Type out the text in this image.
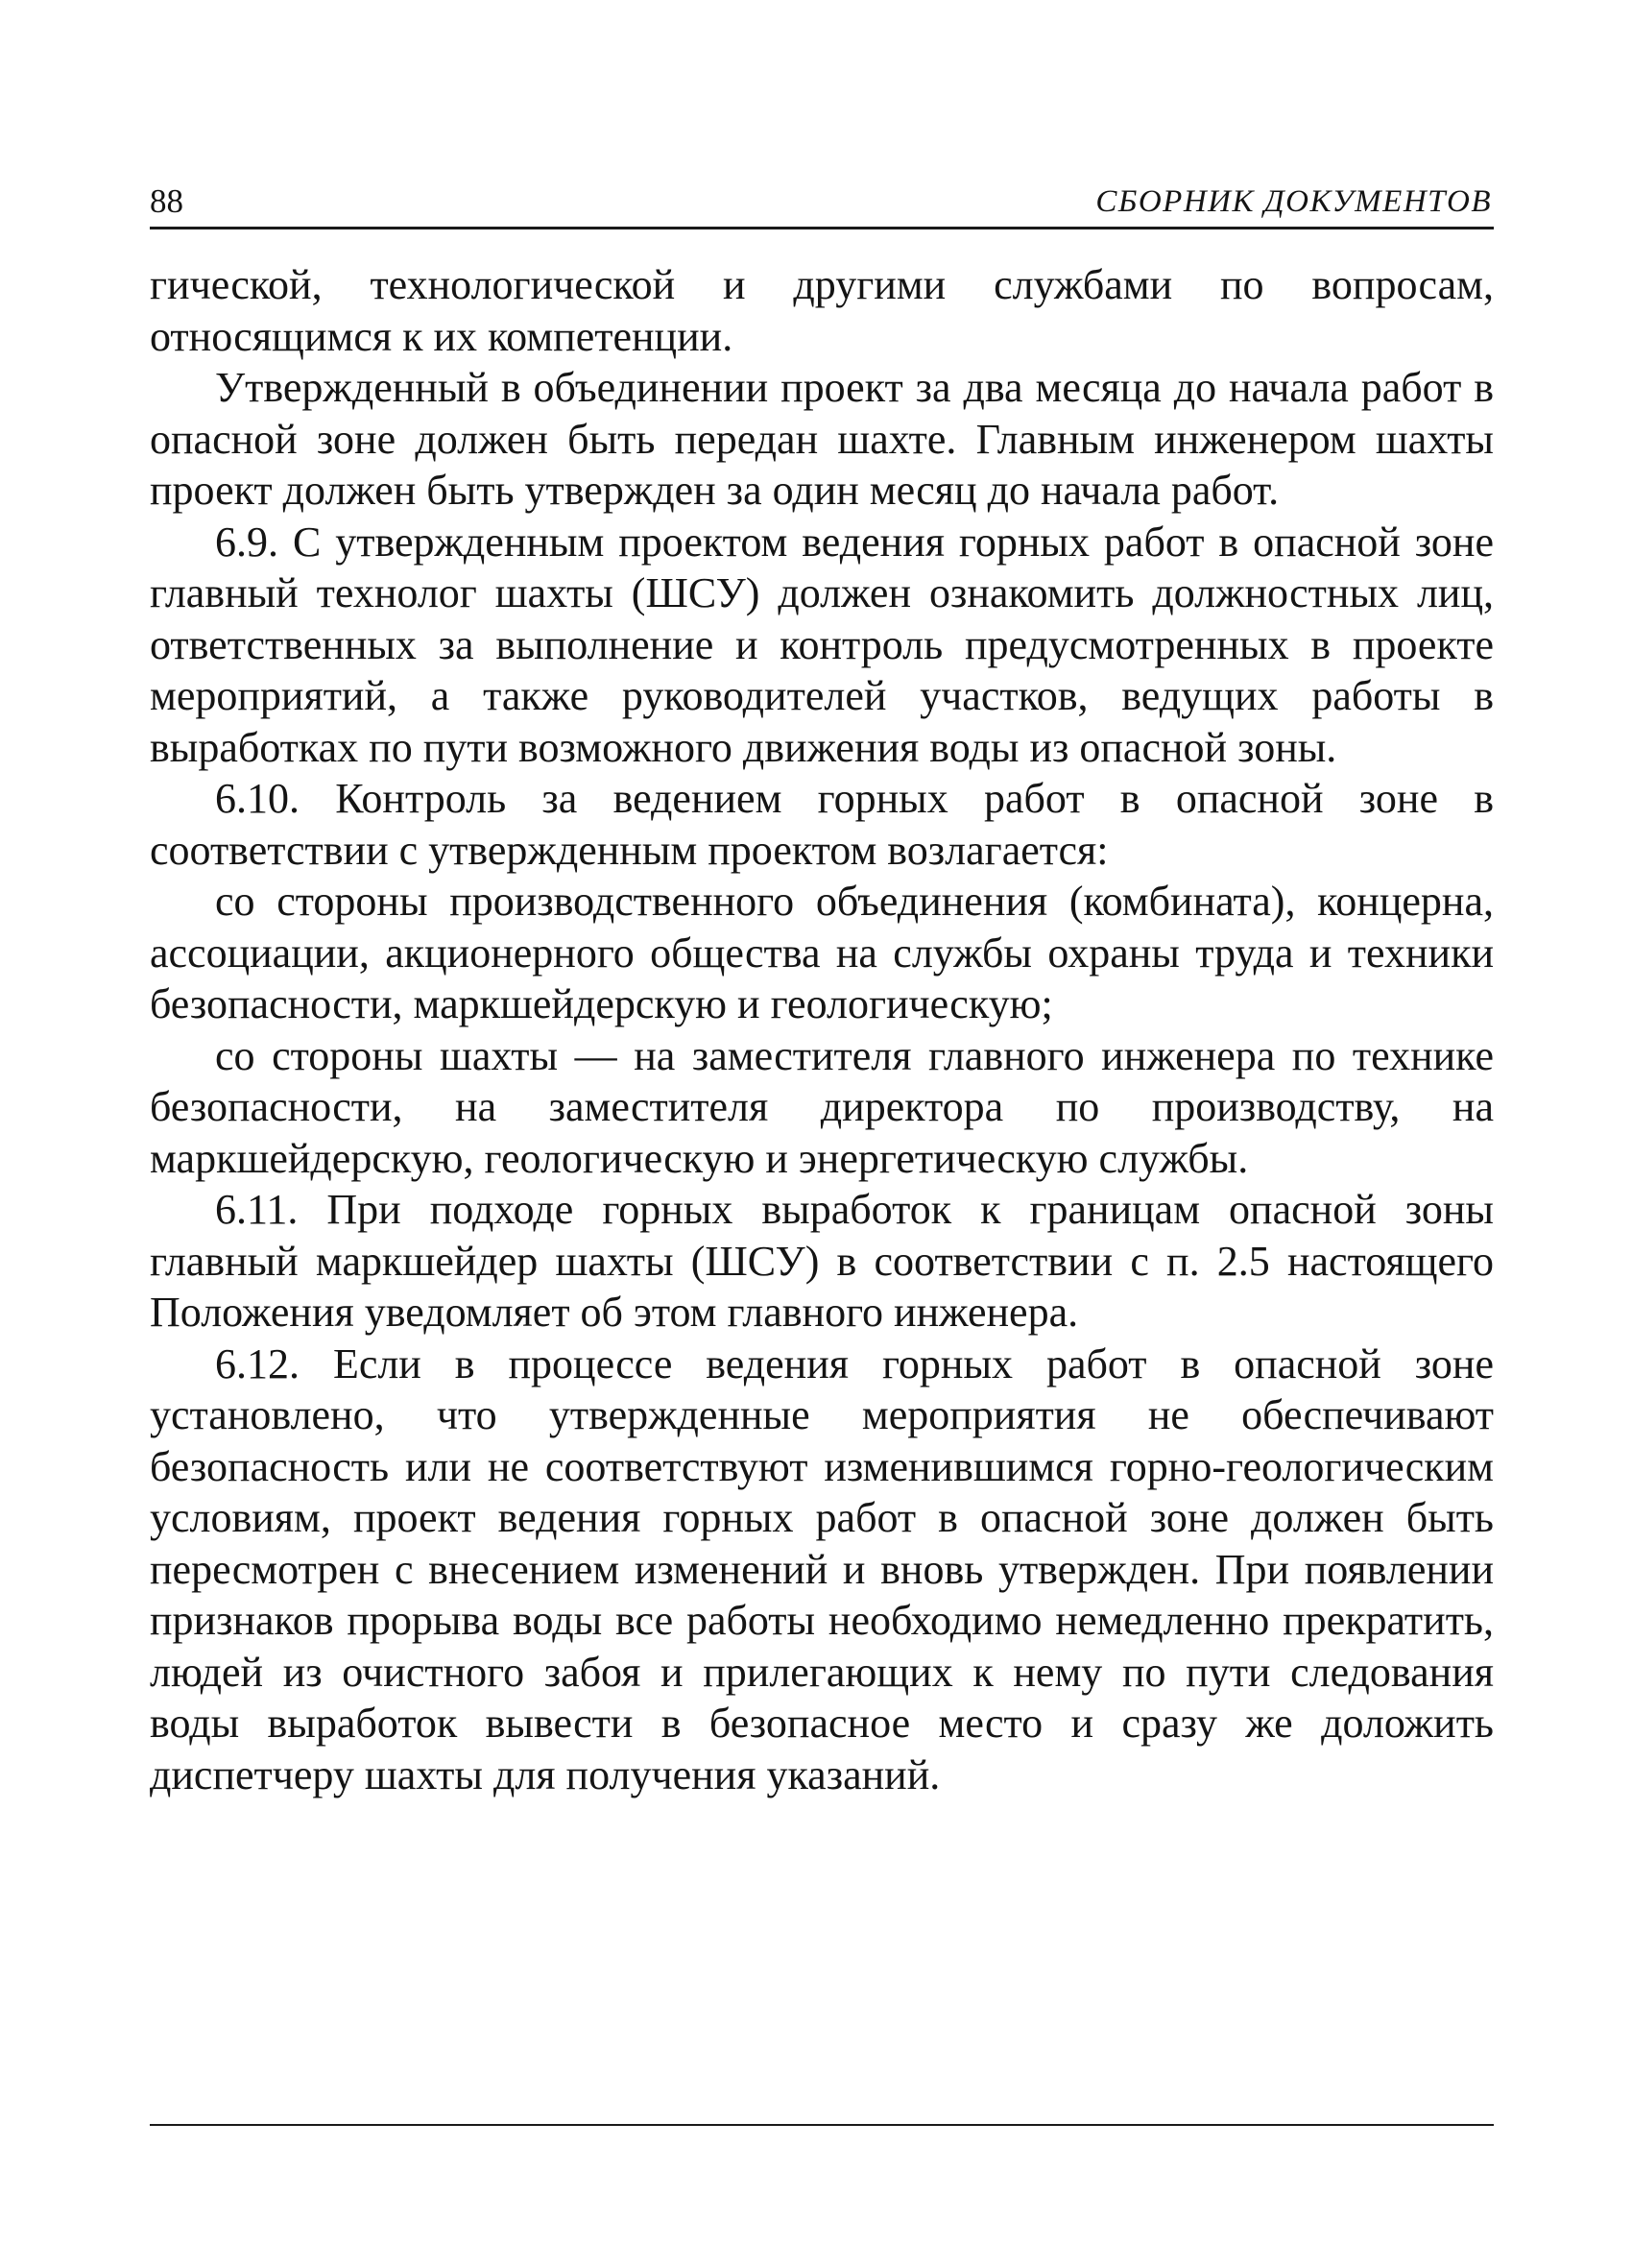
88	СБОРНИК ДОКУМЕНТОВ

гической, технологической и другими службами по вопросам, относящимся к их компетенции.

Утвержденный в объединении проект за два месяца до начала работ в опасной зоне должен быть передан шахте. Главным инженером шахты проект должен быть утвержден за один месяц до начала работ.

6.9. С утвержденным проектом ведения горных работ в опасной зоне главный технолог шахты (ШСУ) должен ознакомить должностных лиц, ответственных за выполнение и контроль предусмотренных в проекте мероприятий, а также руководителей участков, ведущих работы в выработках по пути возможного движения воды из опасной зоны.

6.10. Контроль за ведением горных работ в опасной зоне в соответствии с утвержденным проектом возлагается:

со стороны производственного объединения (комбината), концерна, ассоциации, акционерного общества на службы охраны труда и техники безопасности, маркшейдерскую и геологическую;

со стороны шахты — на заместителя главного инженера по технике безопасности, на заместителя директора по производству, на маркшейдерскую, геологическую и энергетическую службы.

6.11. При подходе горных выработок к границам опасной зоны главный маркшейдер шахты (ШСУ) в соответствии с п. 2.5 настоящего Положения уведомляет об этом главного инженера.

6.12. Если в процессе ведения горных работ в опасной зоне установлено, что утвержденные мероприятия не обеспечивают безопасность или не соответствуют изменившимся горно-геологическим условиям, проект ведения горных работ в опасной зоне должен быть пересмотрен с внесением изменений и вновь утвержден. При появлении признаков прорыва воды все работы необходимо немедленно прекратить, людей из очистного забоя и прилегающих к нему по пути следования воды выработок вывести в безопасное место и сразу же доложить диспетчеру шахты для получения указаний.
